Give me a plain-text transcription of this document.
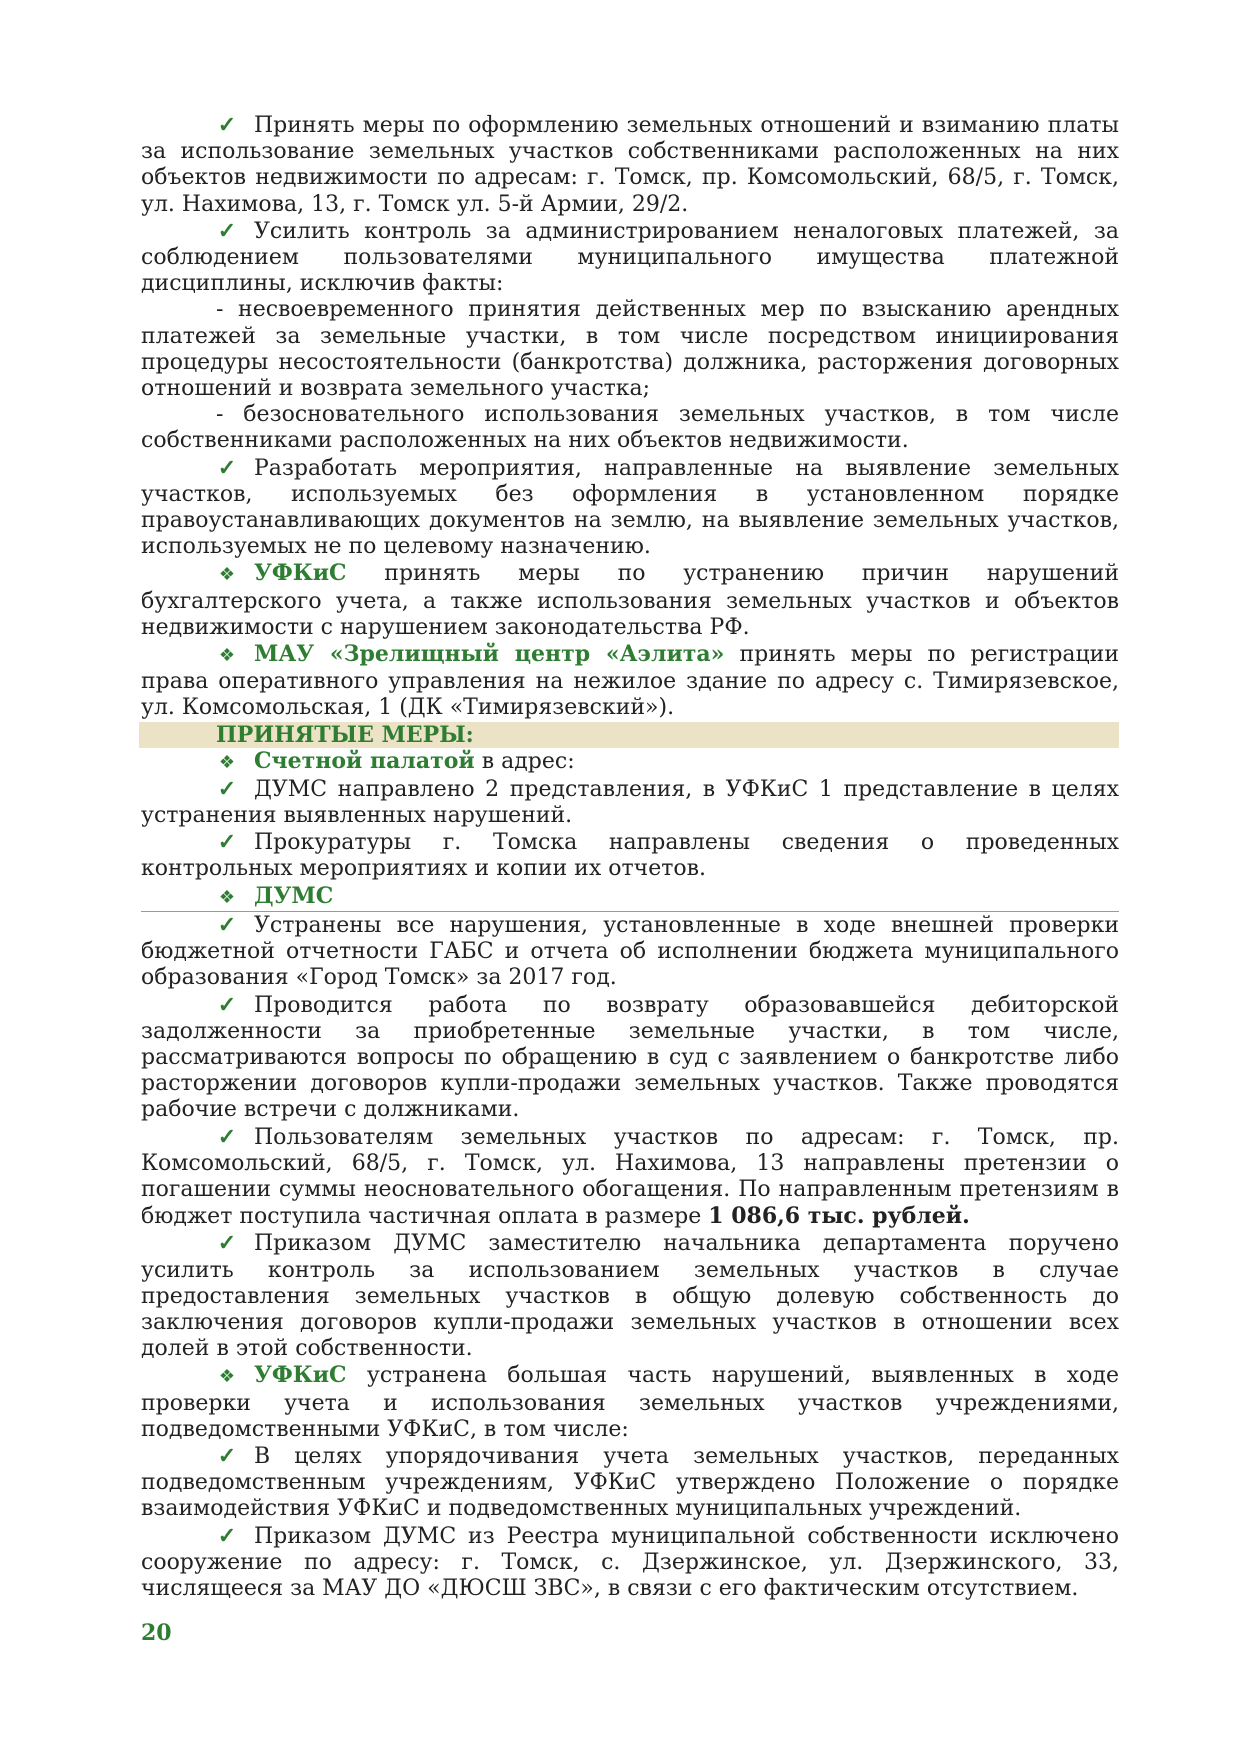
✓ Принять меры по оформлению земельных отношений и взиманию платы за использование земельных участков собственниками расположенных на них объектов недвижимости по адресам: г. Томск, пр. Комсомольский, 68/5, г. Томск, ул. Нахимова, 13, г. Томск ул. 5-й Армии, 29/2.

✓ Усилить контроль за администрированием неналоговых платежей, за соблюдением пользователями муниципального имущества платежной дисциплины, исключив факты:

- несвоевременного принятия действенных мер по взысканию арендных платежей за земельные участки, в том числе посредством инициирования процедуры несостоятельности (банкротства) должника, расторжения договорных отношений и возврата земельного участка;

- безосновательного использования земельных участков, в том числе собственниками расположенных на них объектов недвижимости.

✓ Разработать мероприятия, направленные на выявление земельных участков, используемых без оформления в установленном порядке правоустанавливающих документов на землю, на выявление земельных участков, используемых не по целевому назначению.

❖ УФКиС принять меры по устранению причин нарушений бухгалтерского учета, а также использования земельных участков и объектов недвижимости с нарушением законодательства РФ.

❖ МАУ «Зрелищный центр «Аэлита» принять меры по регистрации права оперативного управления на нежилое здание по адресу с. Тимирязевское, ул. Комсомольская, 1 (ДК «Тимирязевский»).

ПРИНЯТЫЕ МЕРЫ:

❖ Счетной палатой в адрес:

✓ ДУМС направлено 2 представления, в УФКиС 1 представление в целях устранения выявленных нарушений.

✓ Прокуратуры г. Томска направлены сведения о проведенных контрольных мероприятиях и копии их отчетов.

❖ ДУМС

✓ Устранены все нарушения, установленные в ходе внешней проверки бюджетной отчетности ГАБС и отчета об исполнении бюджета муниципального образования «Город Томск» за 2017 год.

✓ Проводится работа по возврату образовавшейся дебиторской задолженности за приобретенные земельные участки, в том числе, рассматриваются вопросы по обращению в суд с заявлением о банкротстве либо расторжении договоров купли-продажи земельных участков. Также проводятся рабочие встречи с должниками.

✓ Пользователям земельных участков по адресам: г. Томск, пр. Комсомольский, 68/5, г. Томск, ул. Нахимова, 13 направлены претензии о погашении суммы неосновательного обогащения. По направленным претензиям в бюджет поступила частичная оплата в размере 1 086,6 тыс. рублей.

✓ Приказом ДУМС заместителю начальника департамента поручено усилить контроль за использованием земельных участков в случае предоставления земельных участков в общую долевую собственность до заключения договоров купли-продажи земельных участков в отношении всех долей в этой собственности.

❖ УФКиС устранена большая часть нарушений, выявленных в ходе проверки учета и использования земельных участков учреждениями, подведомственными УФКиС, в том числе:

✓ В целях упорядочивания учета земельных участков, переданных подведомственным учреждениям, УФКиС утверждено Положение о порядке взаимодействия УФКиС и подведомственных муниципальных учреждений.

✓ Приказом ДУМС из Реестра муниципальной собственности исключено сооружение по адресу: г. Томск, с. Дзержинское, ул. Дзержинского, 33, числящееся за МАУ ДО «ДЮСШ ЗВС», в связи с его фактическим отсутствием.

20
